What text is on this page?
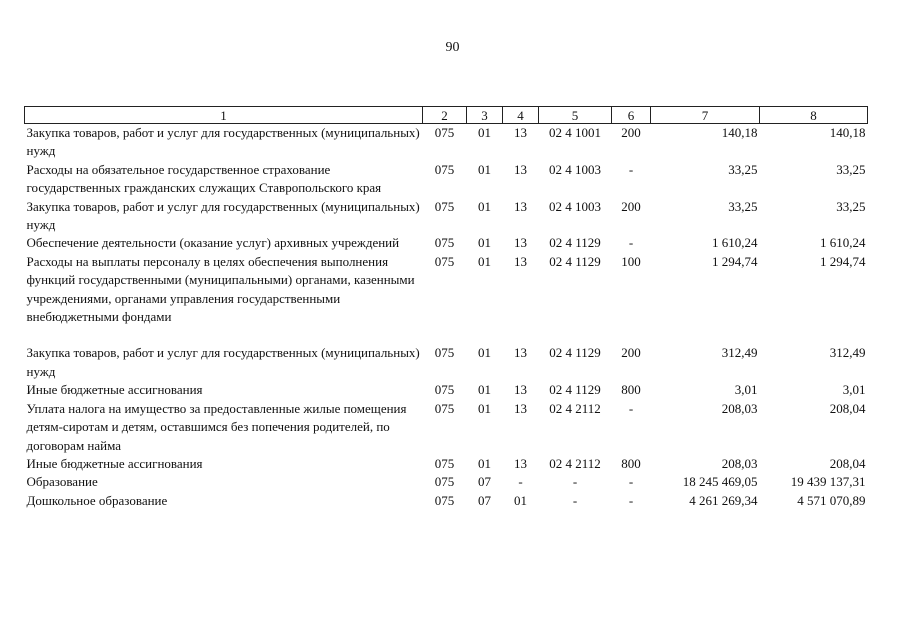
90
1	2	3	4	5	6	7	8
Закупка товаров, работ и услуг для государственных (муниципальных) нужд	075	01	13	02 4 1001	200	140,18	140,18
Расходы на обязательное государственное страхование государственных гражданских служащих Ставропольского края	075	01	13	02 4 1003	-	33,25	33,25
Закупка товаров, работ и услуг для государственных (муниципальных) нужд	075	01	13	02 4 1003	200	33,25	33,25
Обеспечение деятельности (оказание услуг) архивных учреждений	075	01	13	02 4 1129	-	1 610,24	1 610,24
Расходы на выплаты персоналу в целях обеспечения выполнения функций государственными (муниципальными) органами, казенными учреждениями, органами управления государственными внебюджетными фондами	075	01	13	02 4 1129	100	1 294,74	1 294,74

Закупка товаров, работ и услуг для государственных (муниципальных) нужд	075	01	13	02 4 1129	200	312,49	312,49
Иные бюджетные ассигнования	075	01	13	02 4 1129	800	3,01	3,01
Уплата налога на имущество за предоставленные жилые помещения детям-сиротам и детям, оставшимся без попечения родителей, по договорам найма	075	01	13	02 4 2112	-	208,03	208,04
Иные бюджетные ассигнования	075	01	13	02 4 2112	800	208,03	208,04
Образование	075	07	-	-	-	18 245 469,05	19 439 137,31
Дошкольное образование	075	07	01	-	-	4 261 269,34	4 571 070,89
